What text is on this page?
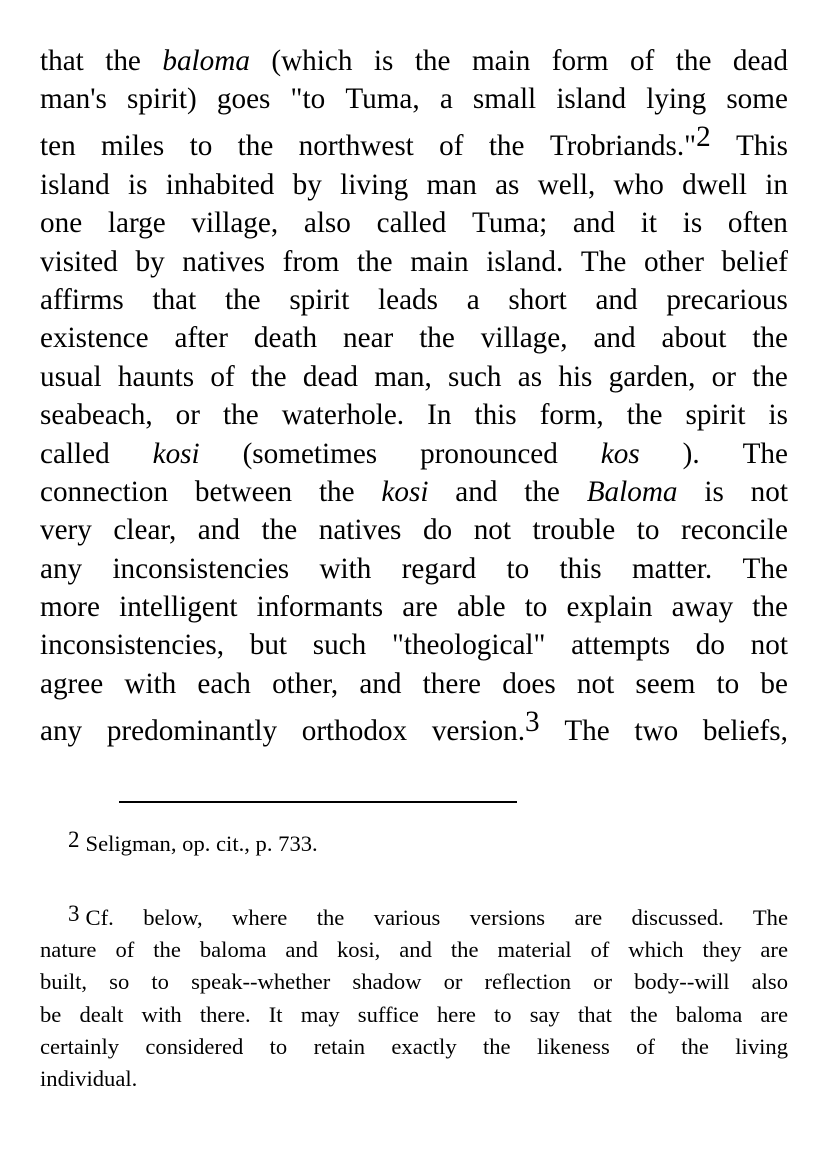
that the baloma (which is the main form of the dead
man's spirit) goes "to Tuma, a small island lying some
ten miles to the northwest of the Trobriands."2 This
island is inhabited by living man as well, who dwell in
one large village, also called Tuma; and it is often
visited by natives from the main island. The other belief
affirms that the spirit leads a short and precarious
existence after death near the village, and about the
usual haunts of the dead man, such as his garden, or the
seabeach, or the waterhole. In this form, the spirit is
called kosi (sometimes pronounced kos ). The
connection between the kosi and the Baloma is not
very clear, and the natives do not trouble to reconcile
any inconsistencies with regard to this matter. The
more intelligent informants are able to explain away the
inconsistencies, but such "theological" attempts do not
agree with each other, and there does not seem to be
any predominantly orthodox version.3 The two beliefs,
2 Seligman, op. cit., p. 733.
3 Cf. below, where the various versions are discussed. The
nature of the baloma and kosi, and the material of which they are
built, so to speak--whether shadow or reflection or body--will also
be dealt with there. It may suffice here to say that the baloma are
certainly considered to retain exactly the likeness of the living
individual.
